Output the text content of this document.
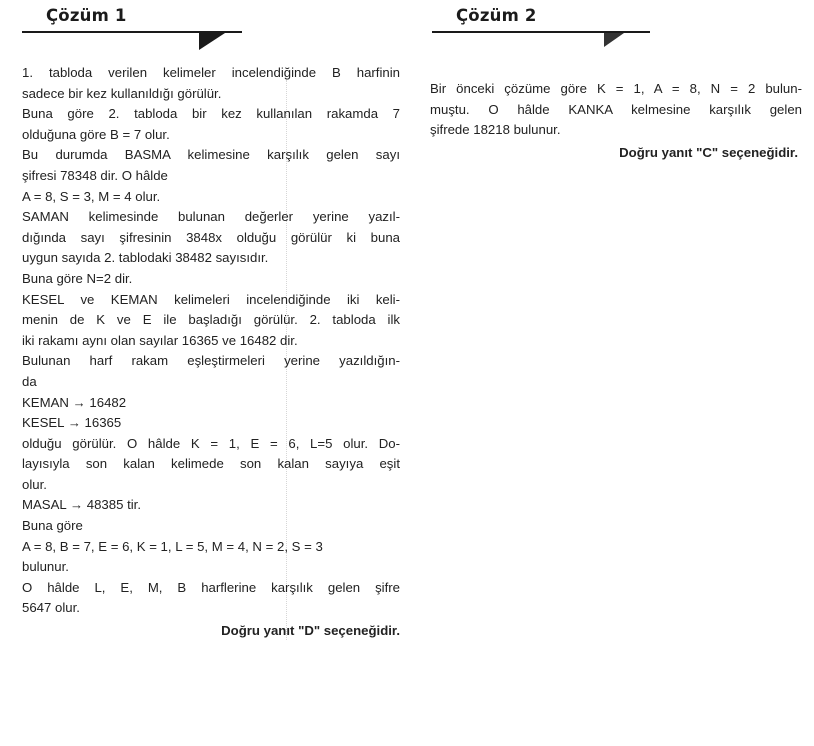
Çözüm 1
1. tabloda verilen kelimeler incelendiğinde B harfinin
sadece bir kez kullanıldığı görülür.
Buna göre 2. tabloda bir kez kullanılan rakamda 7
olduğuna göre B = 7 olur.
Bu durumda BASMA kelimesine karşılık gelen sayı
şifresi 78348 dir. O hâlde
A = 8, S = 3, M = 4 olur.
SAMAN kelimesinde bulunan değerler yerine yazıl-
dığında sayı şifresinin 3848x olduğu görülür ki buna
uygun sayıda 2. tablodaki 38482 sayısıdır.
Buna göre N=2 dir.
KESEL ve KEMAN kelimeleri incelendiğinde iki keli-
menin de K ve E ile başladığı görülür. 2. tabloda ilk
iki rakamı aynı olan sayılar 16365 ve 16482 dir.
Bulunan harf rakam eşleştirmeleri yerine yazıldığın-
da
KEMAN → 16482
KESEL → 16365
olduğu görülür. O hâlde K = 1, E = 6, L=5 olur. Do-
layısıyla son kalan kelimede son kalan sayıya eşit
olur.
MASAL → 48385 tir.
Buna göre
A = 8, B = 7, E = 6, K = 1, L = 5, M = 4, N = 2, S = 3
bulunur.
O hâlde L, E, M, B harflerine karşılık gelen şifre
5647 olur.
Doğru yanıt "D" seçeneğidir.
Çözüm 2
Bir önceki çözüme göre K = 1, A = 8, N = 2 bulun-
muştu. O hâlde KANKA kelmesine karşılık gelen
şifrede 18218 bulunur.
Doğru yanıt "C" seçeneğidir.
